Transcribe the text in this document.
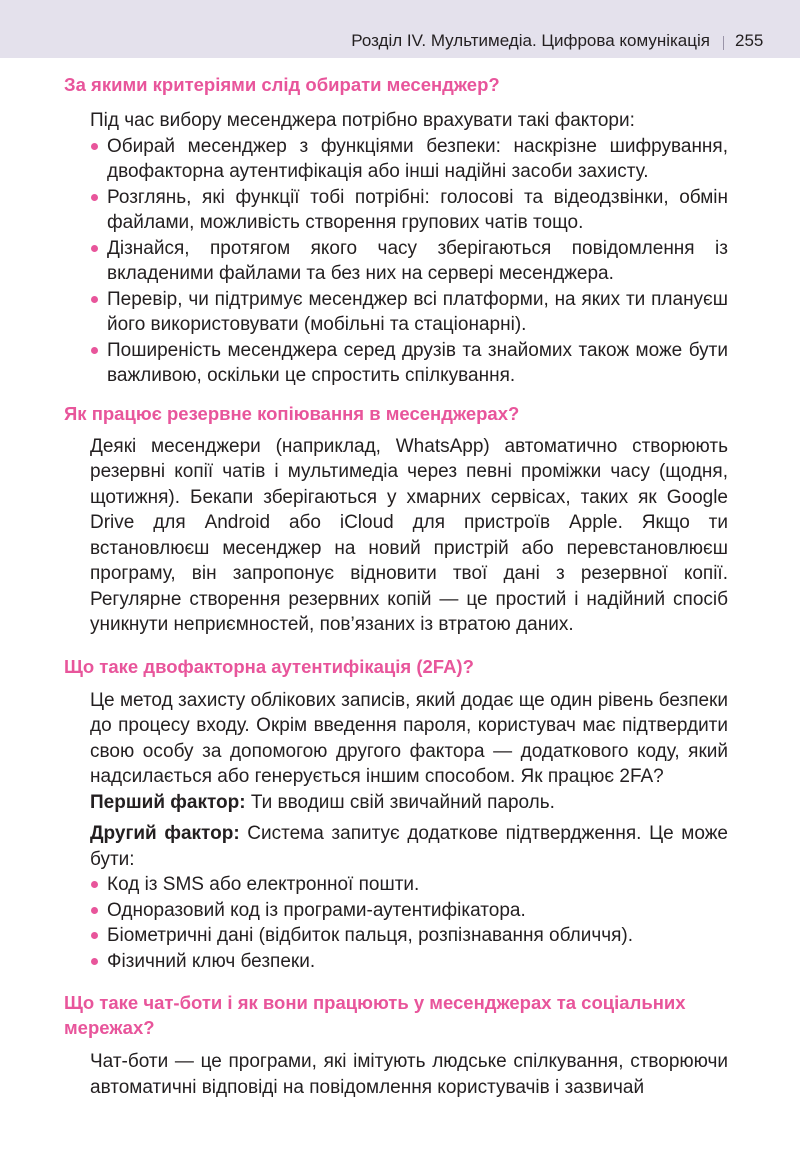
Розділ IV. Мультимедіа. Цифрова комунікація 255
За якими критеріями слід обирати месенджер?

Під час вибору месенджера потрібно врахувати такі фактори:

Обирай месенджер з функціями безпеки: наскрізне шифрування, двофакторна аутентифікація або інші надійні засоби захисту.
Розглянь, які функції тобі потрібні: голосові та відеодзвінки, обмін файлами, можливість створення групових чатів тощо.
Дізнайся, протягом якого часу зберігаються повідомлення із вкладеними файлами та без них на сервері месенджера.
Перевір, чи підтримує месенджер всі платформи, на яких ти плануєш його використовувати (мобільні та стаціонарні).
Поширеність месенджера серед друзів та знайомих також може бути важливою, оскільки це спростить спілкування.
Як працює резервне копіювання в месенджерах?

Деякі месенджери (наприклад, WhatsApp) автоматично створюють резервні копії чатів і мультимедіа через певні проміжки часу (щодня, щотижня). Бекапи зберігаються у хмарних сервісах, таких як Google Drive для Android або iCloud для пристроїв Apple. Якщо ти встановлюєш месенджер на новий пристрій або перевстановлюєш програму, він запропонує відновити твої дані з резервної копії. Регулярне створення резервних копій — це простий і надійний спосіб уникнути неприємностей, пов’язаних із втратою даних.

Що таке двофакторна аутентифікація (2FA)?

Це метод захисту облікових записів, який додає ще один рівень безпеки до процесу входу. Окрім введення пароля, користувач має підтвердити свою особу за допомогою другого фактора — додаткового коду, який надсилається або генерується іншим способом. Як працює 2FA?

Перший фактор: Ти вводиш свій звичайний пароль.

Другий фактор: Система запитує додаткове підтвердження. Це може бути:

Код із SMS або електронної пошти.
Одноразовий код із програми-аутентифікатора.
Біометричні дані (відбиток пальця, розпізнавання обличчя).
Фізичний ключ безпеки.
Що таке чат-боти і як вони працюють у месенджерах та соціальних мережах?

Чат-боти — це програми, які імітують людське спілкування, створюючи автоматичні відповіді на повідомлення користувачів і зазвичай
